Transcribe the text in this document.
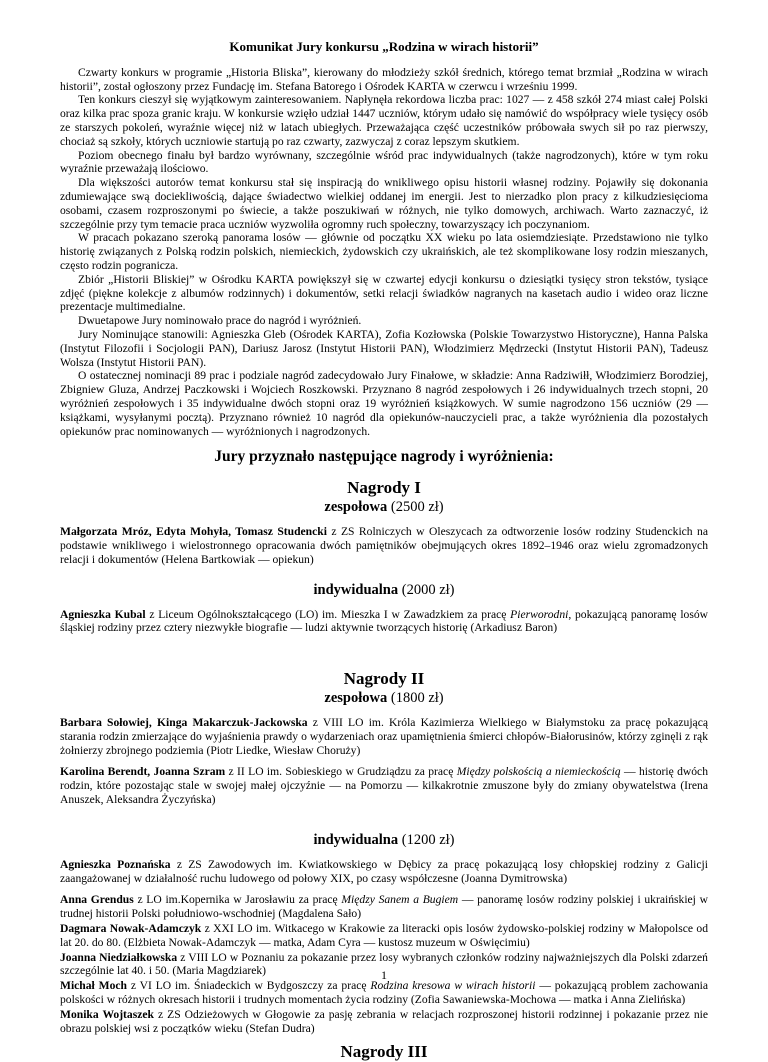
Komunikat Jury konkursu „Rodzina w wirach historii”

Czwarty konkurs w programie „Historia Bliska”, kierowany do młodzieży szkół średnich, którego temat brzmiał „Rodzina w wirach historii”, został ogłoszony przez Fundację im. Stefana Batorego i Ośrodek KARTA w czerwcu i wrześniu 1999.

Ten konkurs cieszył się wyjątkowym zainteresowaniem. Napłynęła rekordowa liczba prac: 1027 — z 458 szkół 274 miast całej Polski oraz kilka prac spoza granic kraju. W konkursie wzięło udział 1447 uczniów, którym udało się namówić do współpracy wiele tysięcy osób ze starszych pokoleń, wyraźnie więcej niż w latach ubiegłych. Przeważająca część uczestników próbowała swych sił po raz pierwszy, chociaż są szkoły, których uczniowie startują po raz czwarty, zazwyczaj z coraz lepszym skutkiem.

Poziom obecnego finału był bardzo wyrównany, szczególnie wśród prac indywidualnych (także nagrodzonych), które w tym roku wyraźnie przeważają ilościowo.

Dla większości autorów temat konkursu stał się inspiracją do wnikliwego opisu historii własnej rodziny. Pojawiły się dokonania zdumiewające swą dociekliwością, dające świadectwo wielkiej oddanej im energii. Jest to nierzadko plon pracy z kilkudziesięcioma osobami, czasem rozproszonymi po świecie, a także poszukiwań w różnych, nie tylko domowych, archiwach. Warto zaznaczyć, iż szczególnie przy tym temacie praca uczniów wyzwoliła ogromny ruch społeczny, towarzyszący ich poczynaniom.

W pracach pokazano szeroką panorama losów — głównie od początku XX wieku po lata osiemdziesiąte. Przedstawiono nie tylko historię związanych z Polską rodzin polskich, niemieckich, żydowskich czy ukraińskich, ale też skomplikowane losy rodzin mieszanych, często rodzin pogranicza.

Zbiór „Historii Bliskiej” w Ośrodku KARTA powiększył się w czwartej edycji konkursu o dziesiątki tysięcy stron tekstów, tysiące zdjęć (piękne kolekcje z albumów rodzinnych) i dokumentów, setki relacji świadków nagranych na kasetach audio i wideo oraz liczne prezentacje multimedialne.

Dwuetapowe Jury nominowało prace do nagród i wyróżnień.

Jury Nominujące stanowili: Agnieszka Gleb (Ośrodek KARTA), Zofia Kozłowska (Polskie Towarzystwo Historyczne), Hanna Palska (Instytut Filozofii i Socjologii PAN), Dariusz Jarosz (Instytut Historii PAN), Włodzimierz Mędrzecki (Instytut Historii PAN), Tadeusz Wolsza (Instytut Historii PAN).

O ostatecznej nominacji 89 prac i podziale nagród zadecydowało Jury Finałowe, w składzie: Anna Radziwiłł, Włodzimierz Borodziej, Zbigniew Gluza, Andrzej Paczkowski i Wojciech Roszkowski. Przyznano 8 nagród zespołowych i 26 indywidualnych trzech stopni, 20 wyróżnień zespołowych i 35 indywidualne dwóch stopni oraz 19 wyróżnień książkowych. W sumie nagrodzono 156 uczniów (29 — książkami, wysyłanymi pocztą). Przyznano również 10 nagród dla opiekunów-nauczycieli prac, a także wyróżnienia dla pozostałych opiekunów prac nominowanych — wyróżnionych i nagrodzonych.

Jury przyznało następujące nagrody i wyróżnienia:
Nagrody I
zespołowa (2500 zł)

Małgorzata Mróz, Edyta Mohyła, Tomasz Studencki z ZS Rolniczych w Oleszycach za odtworzenie losów rodziny Studenckich na podstawie wnikliwego i wielostronnego opracowania dwóch pamiętników obejmujących okres 1892–1946 oraz wielu zgromadzonych relacji i dokumentów (Helena Bartkowiak — opiekun)

indywidualna (2000 zł)

Agnieszka Kubal z Liceum Ogólnokształcącego (LO) im. Mieszka I w Zawadzkiem za pracę Pierworodni, pokazującą panoramę losów śląskiej rodziny przez cztery niezwykłe biografie — ludzi aktywnie tworzących historię (Arkadiusz Baron)

Nagrody II
zespołowa (1800 zł)

Barbara Sołowiej, Kinga Makarczuk-Jackowska z VIII LO im. Króla Kazimierza Wielkiego w Białymstoku za pracę pokazującą starania rodzin zmierzające do wyjaśnienia prawdy o wydarzeniach oraz upamiętnienia śmierci chłopów-Białorusinów, którzy zginęli z rąk żołnierzy zbrojnego podziemia (Piotr Liedke, Wiesław Choruży)

Karolina Berendt, Joanna Szram z II LO im. Sobieskiego w Grudziądzu za pracę Między polskością a niemieckością — historię dwóch rodzin, które pozostając stale w swojej małej ojczyźnie — na Pomorzu — kilkakrotnie zmuszone były do zmiany obywatelstwa (Irena Anuszek, Aleksandra Życzyńska)

indywidualna (1200 zł)

Agnieszka Poznańska z ZS Zawodowych im. Kwiatkowskiego w Dębicy za pracę pokazującą losy chłopskiej rodziny z Galicji zaangażowanej w działalność ruchu ludowego od połowy XIX, po czasy współczesne (Joanna Dymitrowska)

Anna Grendus z LO im.Kopernika w Jarosławiu za pracę Między Sanem a Bugiem — panoramę losów rodziny polskiej i ukraińskiej w trudnej historii Polski południowo-wschodniej (Magdalena Sało)

Dagmara Nowak-Adamczyk z XXI LO im. Witkacego w Krakowie za literacki opis losów żydowsko-polskiej rodziny w Małopolsce od lat 20. do 80. (Elżbieta Nowak-Adamczyk — matka, Adam Cyra — kustosz muzeum w Oświęcimiu)

Joanna Niedziałkowska z VIII LO w Poznaniu za pokazanie przez losy wybranych członków rodziny najważniejszych dla Polski zdarzeń szczególnie lat 40. i 50. (Maria Magdziarek)

Michał Moch z VI LO im. Śniadeckich w Bydgoszczy za pracę Rodzina kresowa w wirach historii — pokazującą problem zachowania polskości w różnych okresach historii i trudnych momentach życia rodziny (Zofia Sawaniewska-Mochowa — matka i Anna Zielińska)

Monika Wojtaszek z ZS Odzieżowych w Głogowie za pasję zebrania w relacjach rozproszonej historii rodzinnej i pokazanie przez nie obrazu polskiej wsi z początków wieku (Stefan Dudra)

Nagrody III
1
